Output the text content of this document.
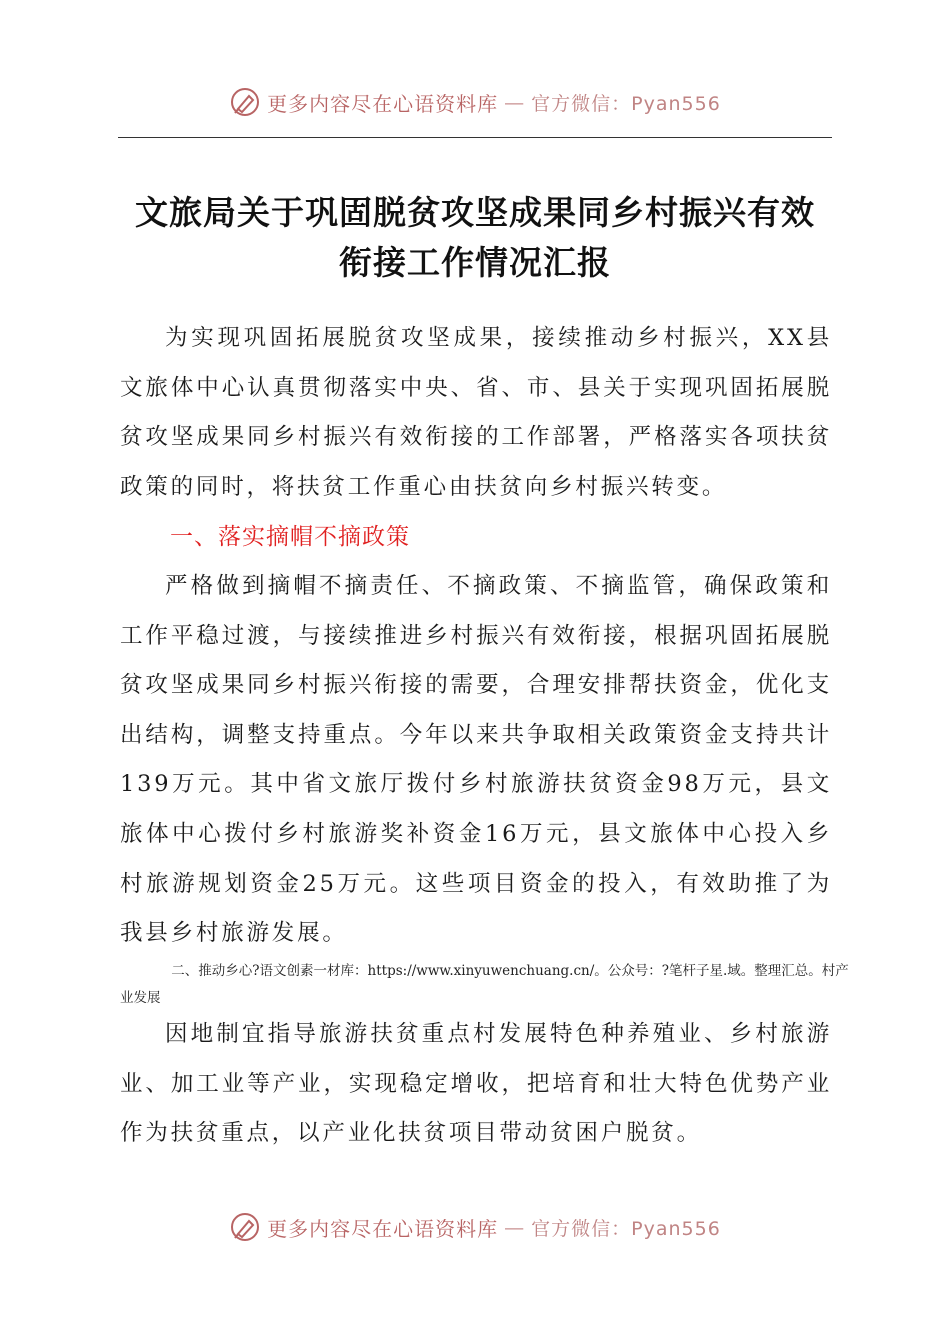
更多内容尽在心语资料库 — 官方微信：Pyan556
文旅局关于巩固脱贫攻坚成果同乡村振兴有效
衔接工作情况汇报

为实现巩固拓展脱贫攻坚成果，接续推动乡村振兴，XX县文旅体中心认真贯彻落实中央、省、市、县关于实现巩固拓展脱贫攻坚成果同乡村振兴有效衔接的工作部署，严格落实各项扶贫政策的同时，将扶贫工作重心由扶贫向乡村振兴转变。

一、落实摘帽不摘政策

严格做到摘帽不摘责任、不摘政策、不摘监管，确保政策和工作平稳过渡，与接续推进乡村振兴有效衔接，根据巩固拓展脱贫攻坚成果同乡村振兴衔接的需要，合理安排帮扶资金，优化支出结构，调整支持重点。今年以来共争取相关政策资金支持共计139万元。其中省文旅厅拨付乡村旅游扶贫资金98万元，县文旅体中心拨付乡村旅游奖补资金16万元，县文旅体中心投入乡村旅游规划资金25万元。这些项目资金的投入，有效助推了为我县乡村旅游发展。

二、推动乡心?语文创素一材库：https://www.xinyuwenchuang.cn/。公众号：?笔杆子星.域。整理汇总。村产业发展

因地制宜指导旅游扶贫重点村发展特色种养殖业、乡村旅游业、加工业等产业，实现稳定增收，把培育和壮大特色优势产业作为扶贫重点，以产业化扶贫项目带动贫困户脱贫。

更多内容尽在心语资料库 — 官方微信：Pyan556
